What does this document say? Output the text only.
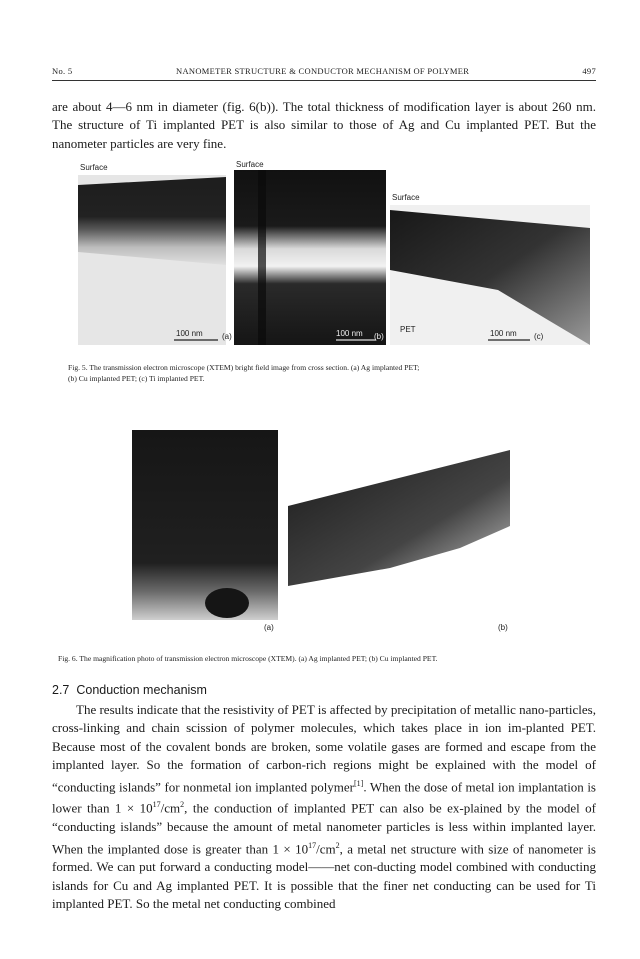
No. 5	NANOMETER STRUCTURE & CONDUCTOR MECHANISM OF POLYMER	497

are about 4—6 nm in diameter (fig. 6(b)). The total thickness of modification layer is about 260 nm. The structure of Ti implanted PET is also similar to those of Ag and Cu implanted PET. But the nanometer particles are very fine.

Surface	Surface
Surface
100 nm (a)	100 nm (b)
PET	100 nm (c)

Fig. 5. The transmission electron microscope (XTEM) bright field image from cross section. (a) Ag implanted PET;
(b) Cu implanted PET; (c) Ti implanted PET.

(a)	(b)

Fig. 6. The magnification photo of transmission electron microscope (XTEM). (a) Ag implanted PET; (b) Cu implanted PET.

2.7 Conduction mechanism

The results indicate that the resistivity of PET is affected by precipitation of metallic nano-particles, cross-linking and chain scission of polymer molecules, which takes place in ion im-planted PET. Because most of the covalent bonds are broken, some volatile gases are formed and escape from the implanted layer. So the formation of carbon-rich regions might be explained with the model of “conducting islands” for nonmetal ion implanted polymer[1]. When the dose of metal ion implantation is lower than $1 \times 10^{17}/cm^2$, the conduction of implanted PET can also be ex-plained by the model of “conducting islands” because the amount of metal nanometer particles is less within implanted layer. When the implanted dose is greater than $1 \times 10^{17}/cm^2$, a metal net structure with size of nanometer is formed. We can put forward a conducting model——net con-ducting model combined with conducting islands for Cu and Ag implanted PET. It is possible that the finer net conducting can be used for Ti implanted PET. So the metal net conducting combined
